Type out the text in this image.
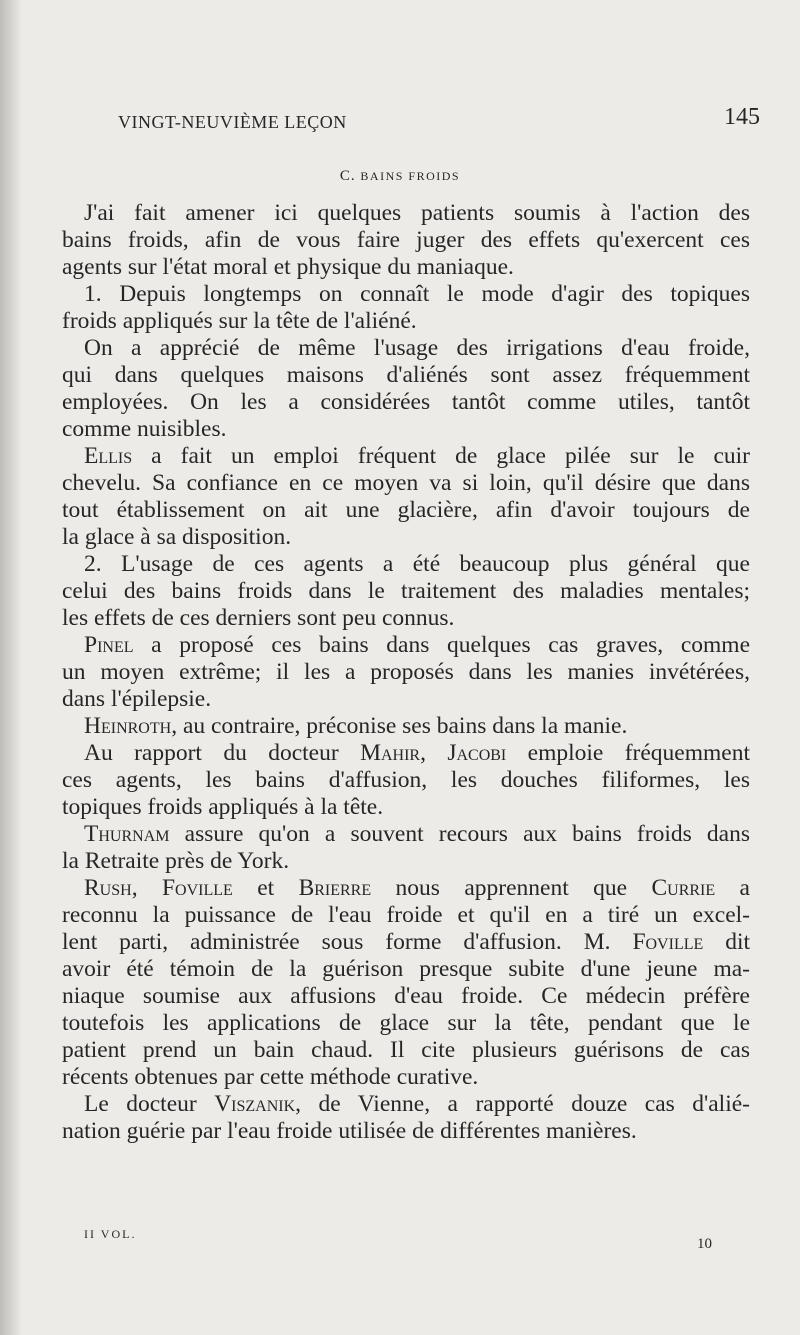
VINGT-NEUVIÈME LEÇON	145
C. BAINS FROIDS
J'ai fait amener ici quelques patients soumis à l'action des
bains froids, afin de vous faire juger des effets qu'exercent ces
agents sur l'état moral et physique du maniaque.
1. Depuis longtemps on connaît le mode d'agir des topiques
froids appliqués sur la tête de l'aliéné.
On a apprécié de même l'usage des irrigations d'eau froide,
qui dans quelques maisons d'aliénés sont assez fréquemment
employées. On les a considérées tantôt comme utiles, tantôt
comme nuisibles.
Ellis a fait un emploi fréquent de glace pilée sur le cuir
chevelu. Sa confiance en ce moyen va si loin, qu'il désire que dans
tout établissement on ait une glacière, afin d'avoir toujours de
la glace à sa disposition.
2. L'usage de ces agents a été beaucoup plus général que
celui des bains froids dans le traitement des maladies mentales;
les effets de ces derniers sont peu connus.
Pinel a proposé ces bains dans quelques cas graves, comme
un moyen extrême; il les a proposés dans les manies invétérées,
dans l'épilepsie.
Heinroth, au contraire, préconise ses bains dans la manie.
Au rapport du docteur Mahir, Jacobi emploie fréquemment
ces agents, les bains d'affusion, les douches filiformes, les
topiques froids appliqués à la tête.
Thurnam assure qu'on a souvent recours aux bains froids dans
la Retraite près de York.
Rush, Foville et Brierre nous apprennent que Currie a
reconnu la puissance de l'eau froide et qu'il en a tiré un excel-
lent parti, administrée sous forme d'affusion. M. Foville dit
avoir été témoin de la guérison presque subite d'une jeune ma-
niaque soumise aux affusions d'eau froide. Ce médecin préfère
toutefois les applications de glace sur la tête, pendant que le
patient prend un bain chaud. Il cite plusieurs guérisons de cas
récents obtenues par cette méthode curative.
Le docteur Viszanik, de Vienne, a rapporté douze cas d'alié-
nation guérie par l'eau froide utilisée de différentes manières.
II VOL.
10
